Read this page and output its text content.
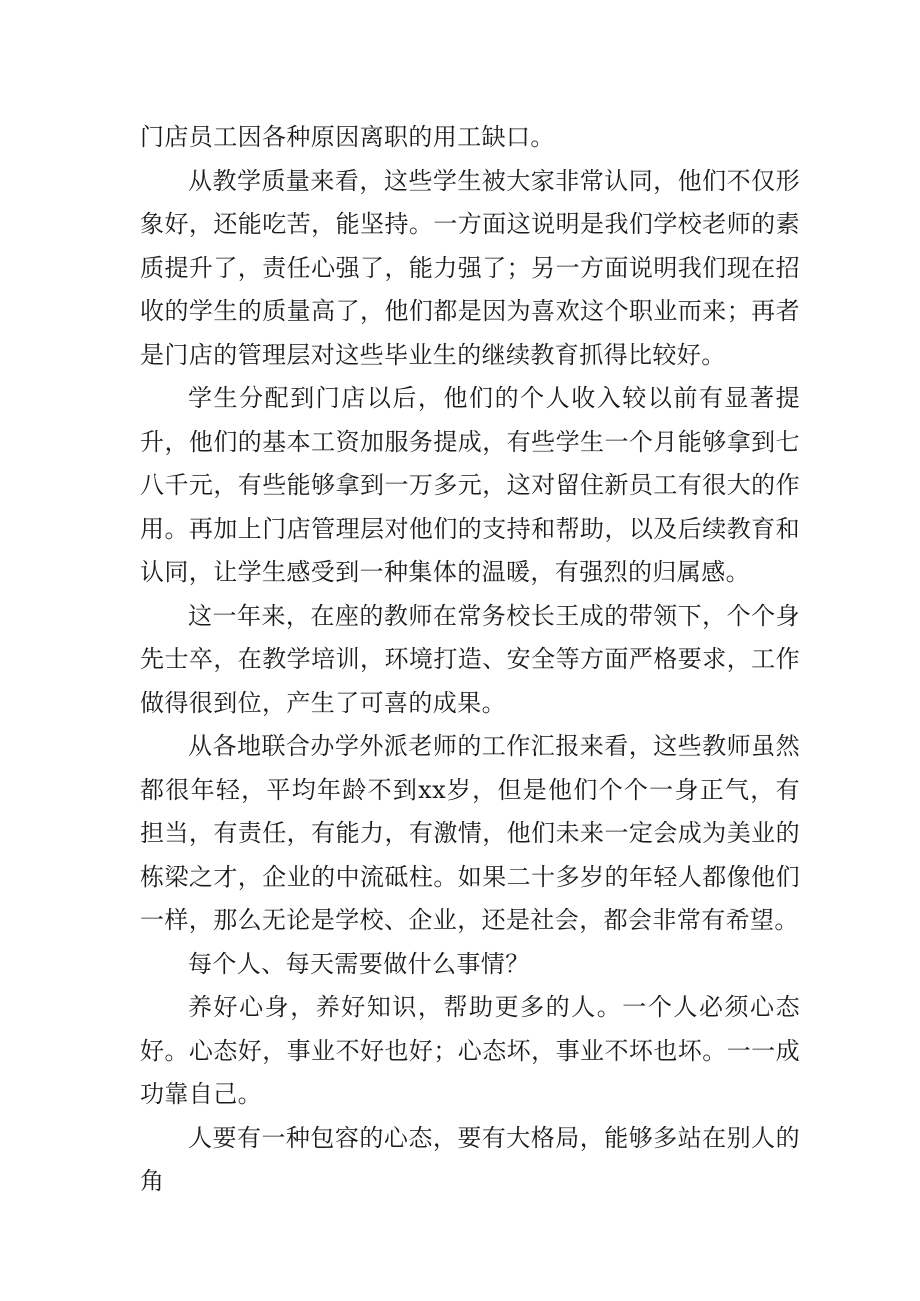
门店员工因各种原因离职的用工缺口。

从教学质量来看，这些学生被大家非常认同，他们不仅形象好，还能吃苦，能坚持。一方面这说明是我们学校老师的素质提升了，责任心强了，能力强了；另一方面说明我们现在招收的学生的质量高了，他们都是因为喜欢这个职业而来；再者是门店的管理层对这些毕业生的继续教育抓得比较好。

学生分配到门店以后，他们的个人收入较以前有显著提升，他们的基本工资加服务提成，有些学生一个月能够拿到七八千元，有些能够拿到一万多元，这对留住新员工有很大的作用。再加上门店管理层对他们的支持和帮助，以及后续教育和认同，让学生感受到一种集体的温暖，有强烈的归属感。

这一年来，在座的教师在常务校长王成的带领下，个个身先士卒，在教学培训，环境打造、安全等方面严格要求，工作做得很到位，产生了可喜的成果。

从各地联合办学外派老师的工作汇报来看，这些教师虽然都很年轻，平均年龄不到xx岁，但是他们个个一身正气，有担当，有责任，有能力，有激情，他们未来一定会成为美业的栋梁之才，企业的中流砥柱。如果二十多岁的年轻人都像他们一样，那么无论是学校、企业，还是社会，都会非常有希望。

每个人、每天需要做什么事情？

养好心身，养好知识，帮助更多的人。一个人必须心态好。心态好，事业不好也好；心态坏，事业不坏也坏。一一成功靠自己。

人要有一种包容的心态，要有大格局，能够多站在别人的角
